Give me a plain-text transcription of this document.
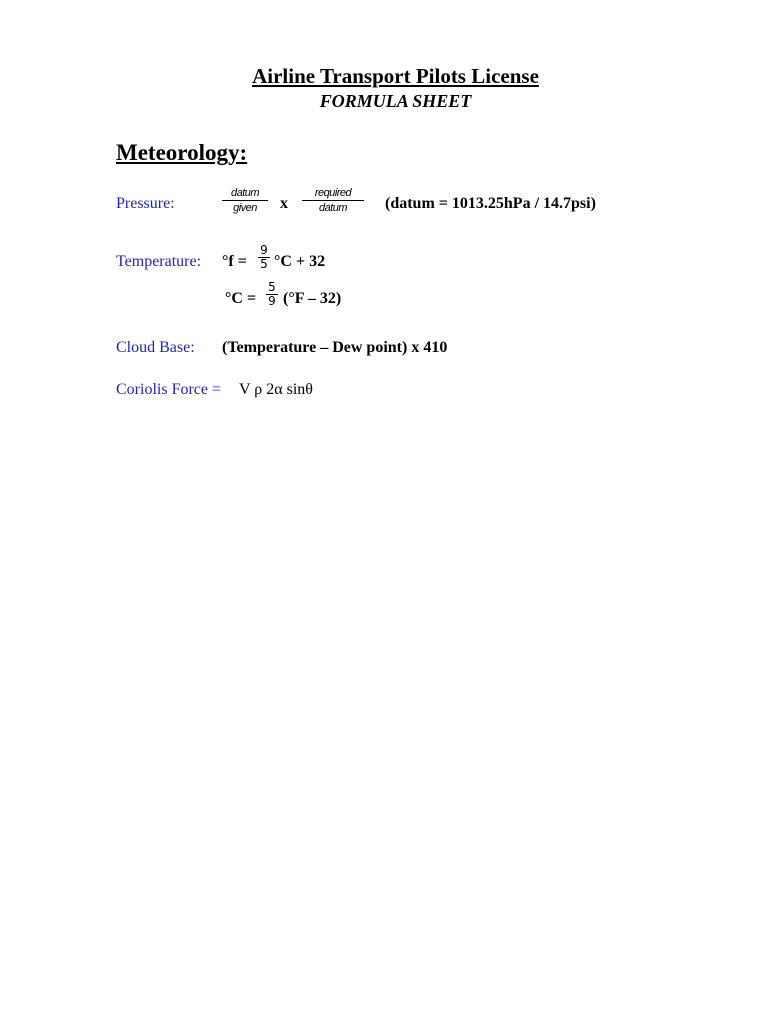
Airline Transport Pilots License
FORMULA SHEET
Meteorology:
Pressure:
datum
given x
required
datum (datum = 1013.25hPa / 14.7psi)
Temperature: °f =
9
5 °C + 32
°C =
5
9 (°F – 32)
Cloud Base: (Temperature – Dew point) x 410
Coriolis Force = V ρ 2α sinθ
